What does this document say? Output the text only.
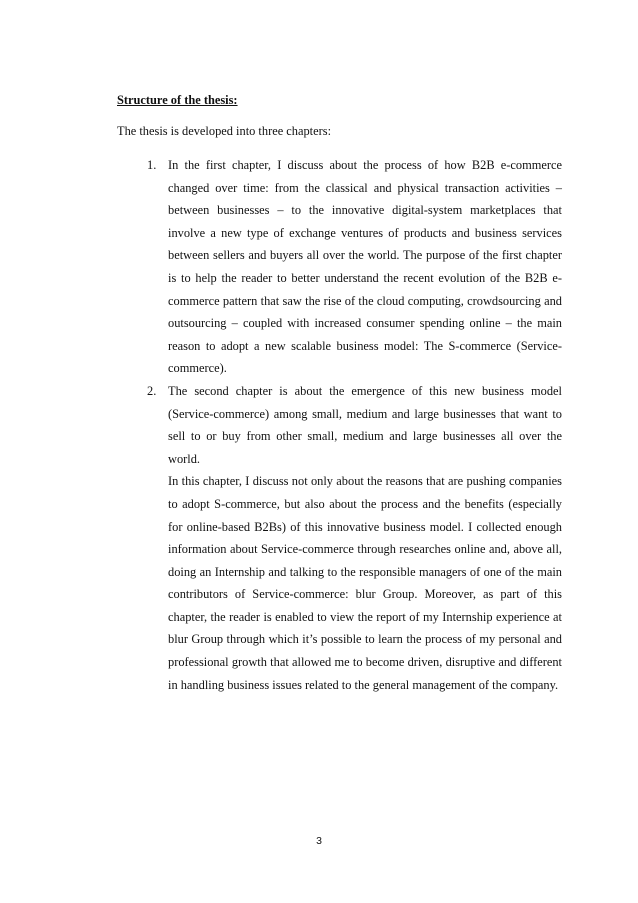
Structure of the thesis:
The thesis is developed into three chapters:
1. In the first chapter, I discuss about the process of how B2B e-commerce changed over time: from the classical and physical transaction activities – between businesses – to the innovative digital-system marketplaces that involve a new type of exchange ventures of products and business services between sellers and buyers all over the world. The purpose of the first chapter is to help the reader to better understand the recent evolution of the B2B e-commerce pattern that saw the rise of the cloud computing, crowdsourcing and outsourcing – coupled with increased consumer spending online – the main reason to adopt a new scalable business model: The S-commerce (Service-commerce).

2. The second chapter is about the emergence of this new business model (Service-commerce) among small, medium and large businesses that want to sell to or buy from other small, medium and large businesses all over the world.

In this chapter, I discuss not only about the reasons that are pushing companies to adopt S-commerce, but also about the process and the benefits (especially for online-based B2Bs) of this innovative business model. I collected enough information about Service-commerce through researches online and, above all, doing an Internship and talking to the responsible managers of one of the main contributors of Service-commerce: blur Group. Moreover, as part of this chapter, the reader is enabled to view the report of my Internship experience at blur Group through which it’s possible to learn the process of my personal and professional growth that allowed me to become driven, disruptive and different in handling business issues related to the general management of the company.

3
